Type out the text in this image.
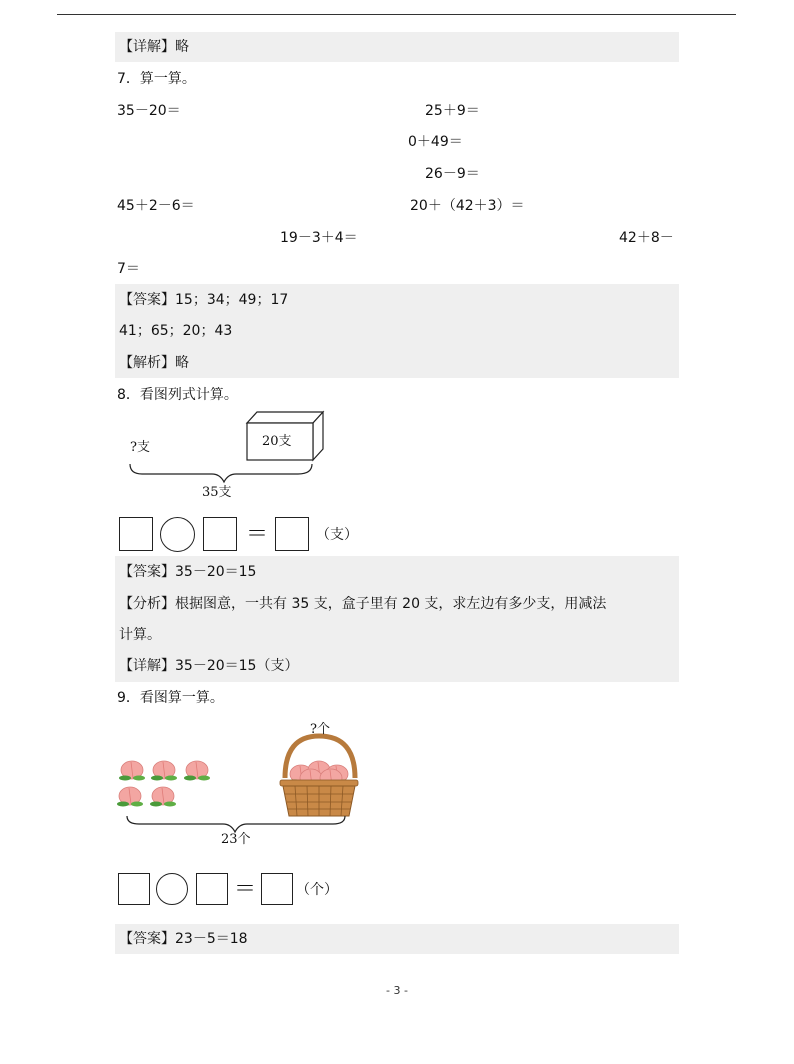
【详解】略
7．算一算。
35－20＝	25＋9＝
0＋49＝
26－9＝
45＋2－6＝	20＋（42＋3）＝
19－3＋4＝	42＋8－
7＝
【答案】15；34；49；17
41；65；20；43
【解析】略
8．看图列式计算。
?支	20支
35支
＝	（支）
【答案】35－20＝15
【分析】根据图意，一共有 35 支，盒子里有 20 支，求左边有多少支，用减法
计算。
【详解】35－20＝15（支）
9．看图算一算。
?个
23个
＝	（个）
【答案】23－5＝18
- 3 -
